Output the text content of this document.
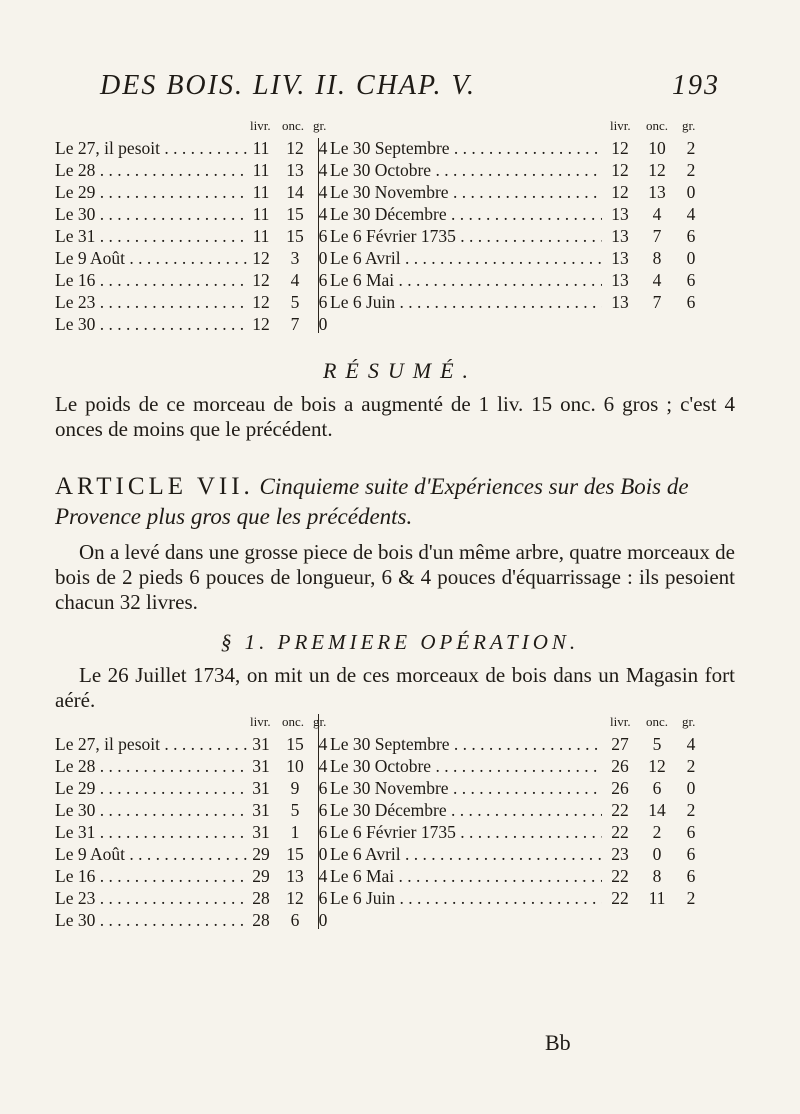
DES BOIS. LIV. II. CHAP. V.	193
livr. onc. gr.
Le 27, il pesoit . . .	11 12 4
Le 28 . . .	11 13 4
Le 29 . . .	11 14 4
Le 30 . . .	11 15 4
Le 31 . . .	11 15 6
Le 9 Août . . .	12	3	0
Le 16 . . .	12	4	6
Le 23 . . .	12	5	6
Le 30 . . .	12	7	0
livr. onc. gr.
Le 30 Septembre . . .	12	10	2
Le 30 Octobre . . .	12	12	2
Le 30 Novembre . . .	12	13	0
Le 30 Décembre . . .	13	4	4
Le 6 Février 1735 . . .	13	7	6
Le 6 Avril . . .	13	8	0
Le 6 Mai . . .	13	4	6
Le 6 Juin . . .	13	7	6
RÉSUMÉ.
Le poids de ce morceau de bois a augmenté de 1 liv. 15 onc. 6 gros ; c'est 4 onces de moins que le précédent.
ARTICLE VII. Cinquieme suite d'Expériences sur des Bois de Provence plus gros que les précédents.
On a levé dans une grosse piece de bois d'un même arbre, quatre morceaux de bois de 2 pieds 6 pouces de longueur, 6 & 4 pouces d'équarrissage : ils pesoient chacun 32 livres.
§ 1. PREMIERE OPÉRATION.
Le 26 Juillet 1734, on mit un de ces morceaux de bois dans un Magasin fort aéré.
livr. onc. gr.
Le 27, il pesoit . . .	31 15 4
Le 28 . . .	31 10 4
Le 29 . . .	31	9	6
Le 30 . . .	31	5	6
Le 31 . . .	31	1	6
Le 9 Août . . .	29 15 0
Le 16 . . .	29 13 4
Le 23 . . .	28 12 6
Le 30 . . .	28	6	0
livr. onc. gr.
Le 30 Septembre . . .	27	5	4
Le 30 Octobre . . .	26	12	2
Le 30 Novembre . . .	26	6	0
Le 30 Décembre . . .	22	14	2
Le 6 Février 1735 . . .	22	2	6
Le 6 Avril . . .	23	0	6
Le 6 Mai . . .	22	8	6
Le 6 Juin . . .	22	11	2
Bb
